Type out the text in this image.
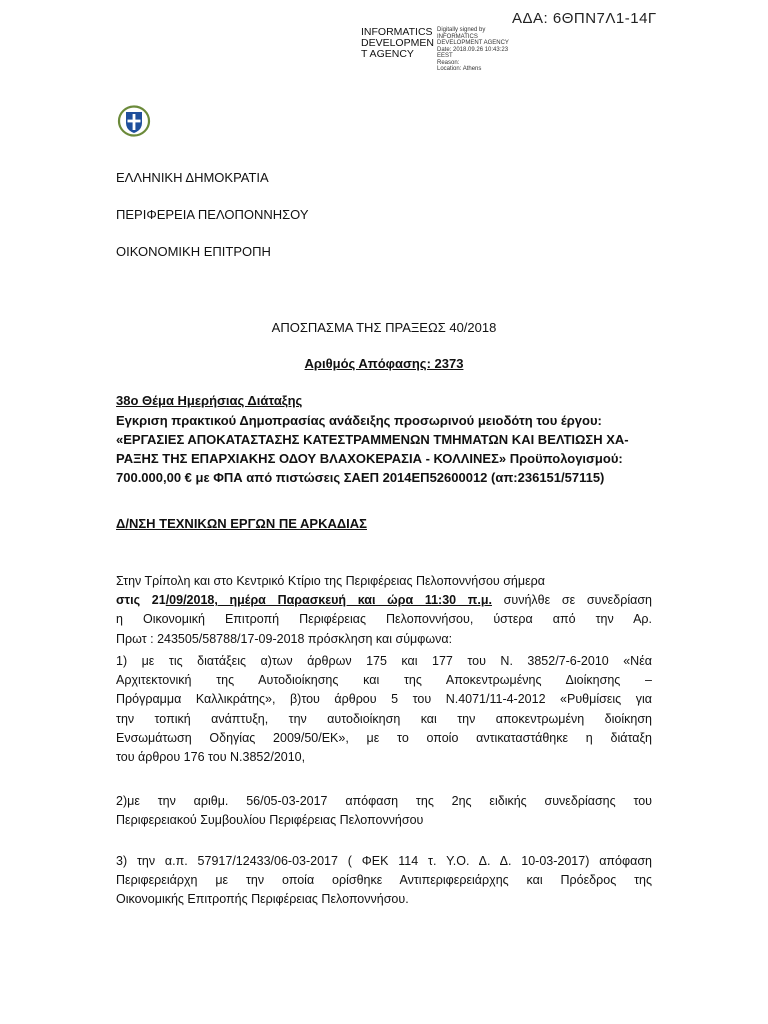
ΑΔΑ: 6ΘΠΝ7Λ1-14Γ
INFORMATICS
DEVELOPMEN
T AGENCY
Digitally signed by
INFORMATICS
DEVELOPMENT AGENCY
Date: 2018.09.26 10:43:23
EEST
Reason:
Location: Athens
ΕΛΛΗΝΙΚΗ ΔΗΜΟΚΡΑΤΙΑ
ΠΕΡΙΦΕΡΕΙΑ ΠΕΛΟΠΟΝΝΗΣΟΥ
ΟΙΚΟΝΟΜΙΚΗ ΕΠΙΤΡΟΠΗ
ΑΠΟΣΠΑΣΜΑ ΤΗΣ ΠΡΑΞΕΩΣ 40/2018
Αριθμός Απόφασης: 2373
38ο Θέμα Ημερήσιας Διάταξης

Εγκριση πρακτικού Δημοπρασίας ανάδειξης προσωρινού μειοδότη του έργου:

«ΕΡΓΑΣΙΕΣ ΑΠΟΚΑΤΑΣΤΑΣΗΣ ΚΑΤΕΣΤΡΑΜΜΕΝΩΝ ΤΜΗΜΑΤΩΝ ΚΑΙ ΒΕΛΤΙΩΣΗ ΧΑ-

ΡΑΞΗΣ ΤΗΣ ΕΠΑΡΧΙΑΚΗΣ ΟΔΟΥ ΒΛΑΧΟΚΕΡΑΣΙΑ - ΚΟΛΛΙΝΕΣ» Προϋπολογισμού:

700.000,00 € με ΦΠΑ από πιστώσεις ΣΑΕΠ 2014ΕΠ52600012 (απ:236151/57115)

Δ/ΝΣΗ ΤΕΧΝΙΚΩΝ ΕΡΓΩΝ ΠΕ ΑΡΚΑΔΙΑΣ

Στην Τρίπολη και στο Κεντρικό Κτίριο της Περιφέρειας Πελοποννήσου σήμερα

στις 21/09/2018, ημέρα Παρασκευή και ώρα 11:30 π.μ. συνήλθε σε συνεδρίαση

η Οικονομική Επιτροπή Περιφέρειας Πελοποννήσου, ύστερα από την Αρ.

Πρωτ : 243505/58788/17-09-2018 πρόσκληση και σύμφωνα:

1) με τις διατάξεις α)των άρθρων 175 και 177 του Ν. 3852/7-6-2010 «Νέα

Αρχιτεκτονική της Αυτοδιοίκησης και της Αποκεντρωμένης Διοίκησης –

Πρόγραμμα Καλλικράτης», β)του άρθρου 5 του Ν.4071/11-4-2012 «Ρυθμίσεις για

την τοπική ανάπτυξη, την αυτοδιοίκηση και την αποκεντρωμένη διοίκηση

Ενσωμάτωση Οδηγίας 2009/50/ΕΚ», με το οποίο αντικαταστάθηκε η διάταξη

του άρθρου 176 του Ν.3852/2010,

2)με την αριθμ. 56/05-03-2017 απόφαση της 2ης ειδικής συνεδρίασης του

Περιφερειακού Συμβουλίου Περιφέρειας Πελοποννήσου

3) την α.π. 57917/12433/06-03-2017 ( ΦΕΚ 114 τ. Υ.Ο. Δ. Δ. 10-03-2017) απόφαση

Περιφερειάρχη με την οποία ορίσθηκε Αντιπεριφερειάρχης και Πρόεδρος της

Οικονομικής Επιτροπής Περιφέρειας Πελοποννήσου.
